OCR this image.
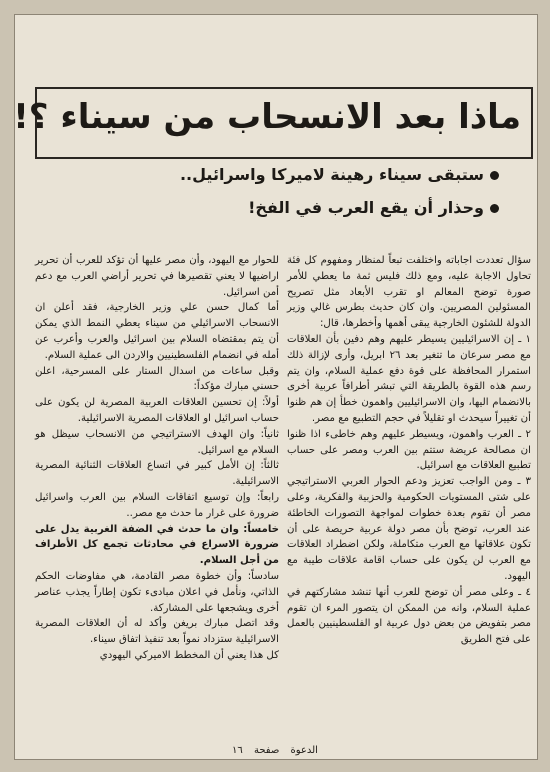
ماذا بعد الانسحاب من سيناء ؟!
ستبقى سيناء رهينة لاميركا واسرائيل..
وحذار أن يقع العرب في الفخ!

سؤال تعددت اجاباته واختلفت تبعاً لمنظار ومفهوم كل فئة تحاول الاجابة عليه، ومع ذلك فليس ثمة ما يعطي للأمر صورة توضح المعالم او تقرب الأبعاد مثل تصريح المسئولين المصريين. وان كان حديث بطرس غالي وزير الدولة للشئون الخارجية يبقى أهمها وأخطرها، قال:

١ ـ إن الاسرائيليين يسيطر عليهم وهم دفين بأن العلاقات مع مصر سرعان ما تتغير بعد ٢٦ ابريل، وأرى لإزالة ذلك استمرار المحافظة على قوة دفع عملية السلام، وان يتم رسم هذه القوة بالطريقة التي تبشر أطرافاً عربية أخرى بالانضمام اليها، وان الاسرائيليين واهمون خطأ إن هم ظنوا أن تغييراً سيحدث او تقليلاً في حجم التطبيع مع مصر.

٢ ـ العرب واهمون، ويسيطر عليهم وهم خاطىء اذا ظنوا ان مصالحة عريضة ستتم بين العرب ومصر على حساب تطبيع العلاقات مع اسرائيل.

٣ ـ ومن الواجب تعزيز ودعم الحوار العربي الاستراتيجي على شتى المستويات الحكومية والحزبية والفكرية، وعلى مصر أن تقوم بعدة خطوات لمواجهة التصورات الخاطئة عند العرب، توضح بأن مصر دولة عربية حريصة على أن تكون علاقاتها مع العرب متكاملة، ولكن اضطراد العلاقات مع العرب لن يكون على حساب اقامة علاقات طيبة مع اليهود.

٤ ـ وعلى مصر أن توضح للعرب أنها تنشد مشاركتهم في عملية السلام، وانه من الممكن ان يتصور المرء ان تقوم مصر بتفويض من بعض دول عربية او الفلسطينيين بالعمل على فتح الطريق

للحوار مع اليهود، وأن مصر عليها أن تؤكد للعرب أن تحرير اراضيها لا يعني تقصيرها في تحرير أراضي العرب مع دعم أمن اسرائيل.

أما كمال حسن علي وزير الخارجية، فقد أعلن ان الانسحاب الاسرائيلي من سيناء يعطي النمط الذي يمكن أن يتم بمقتضاه السلام بين اسرائيل والعرب وأعرب عن أمله في انضمام الفلسطينيين والاردن الى عملية السلام.

وقبل ساعات من اسدال الستار على المسرحية، اعلن حسني مبارك مؤكداً:

أولاً: إن تحسين العلاقات العربية المصرية لن يكون على حساب اسرائيل او العلاقات المصرية الاسرائيلية.

ثانياً: وان الهدف الاستراتيجي من الانسحاب سيظل هو السلام مع اسرائيل.

ثالثاً: إن الأمل كبير في اتساع العلاقات الثنائية المصرية الاسرائيلية.

رابعاً: وإن توسيع اتفاقات السلام بين العرب واسرائيل ضرورة على غرار ما حدث مع مصر..

خامساً: وان ما حدث في الضفة الغربية يدل على ضرورة الاسراع في محادثات تجمع كل الأطراف من أجل السلام.

سادساً: وأن خطوة مصر القادمة، هي مفاوضات الحكم الذاتي، ونأمل في اعلان مبادىء تكون إطاراً يجذب عناصر أخرى ويشجعها على المشاركة.

وقد اتصل مبارك بريغن وأكد له أن العلاقات المصرية الاسرائيلية ستزداد نمواً بعد تنفيذ اتفاق سيناء.

كل هذا يعني أن المخطط الاميركي اليهودي

الدعوة صفحة ١٦
